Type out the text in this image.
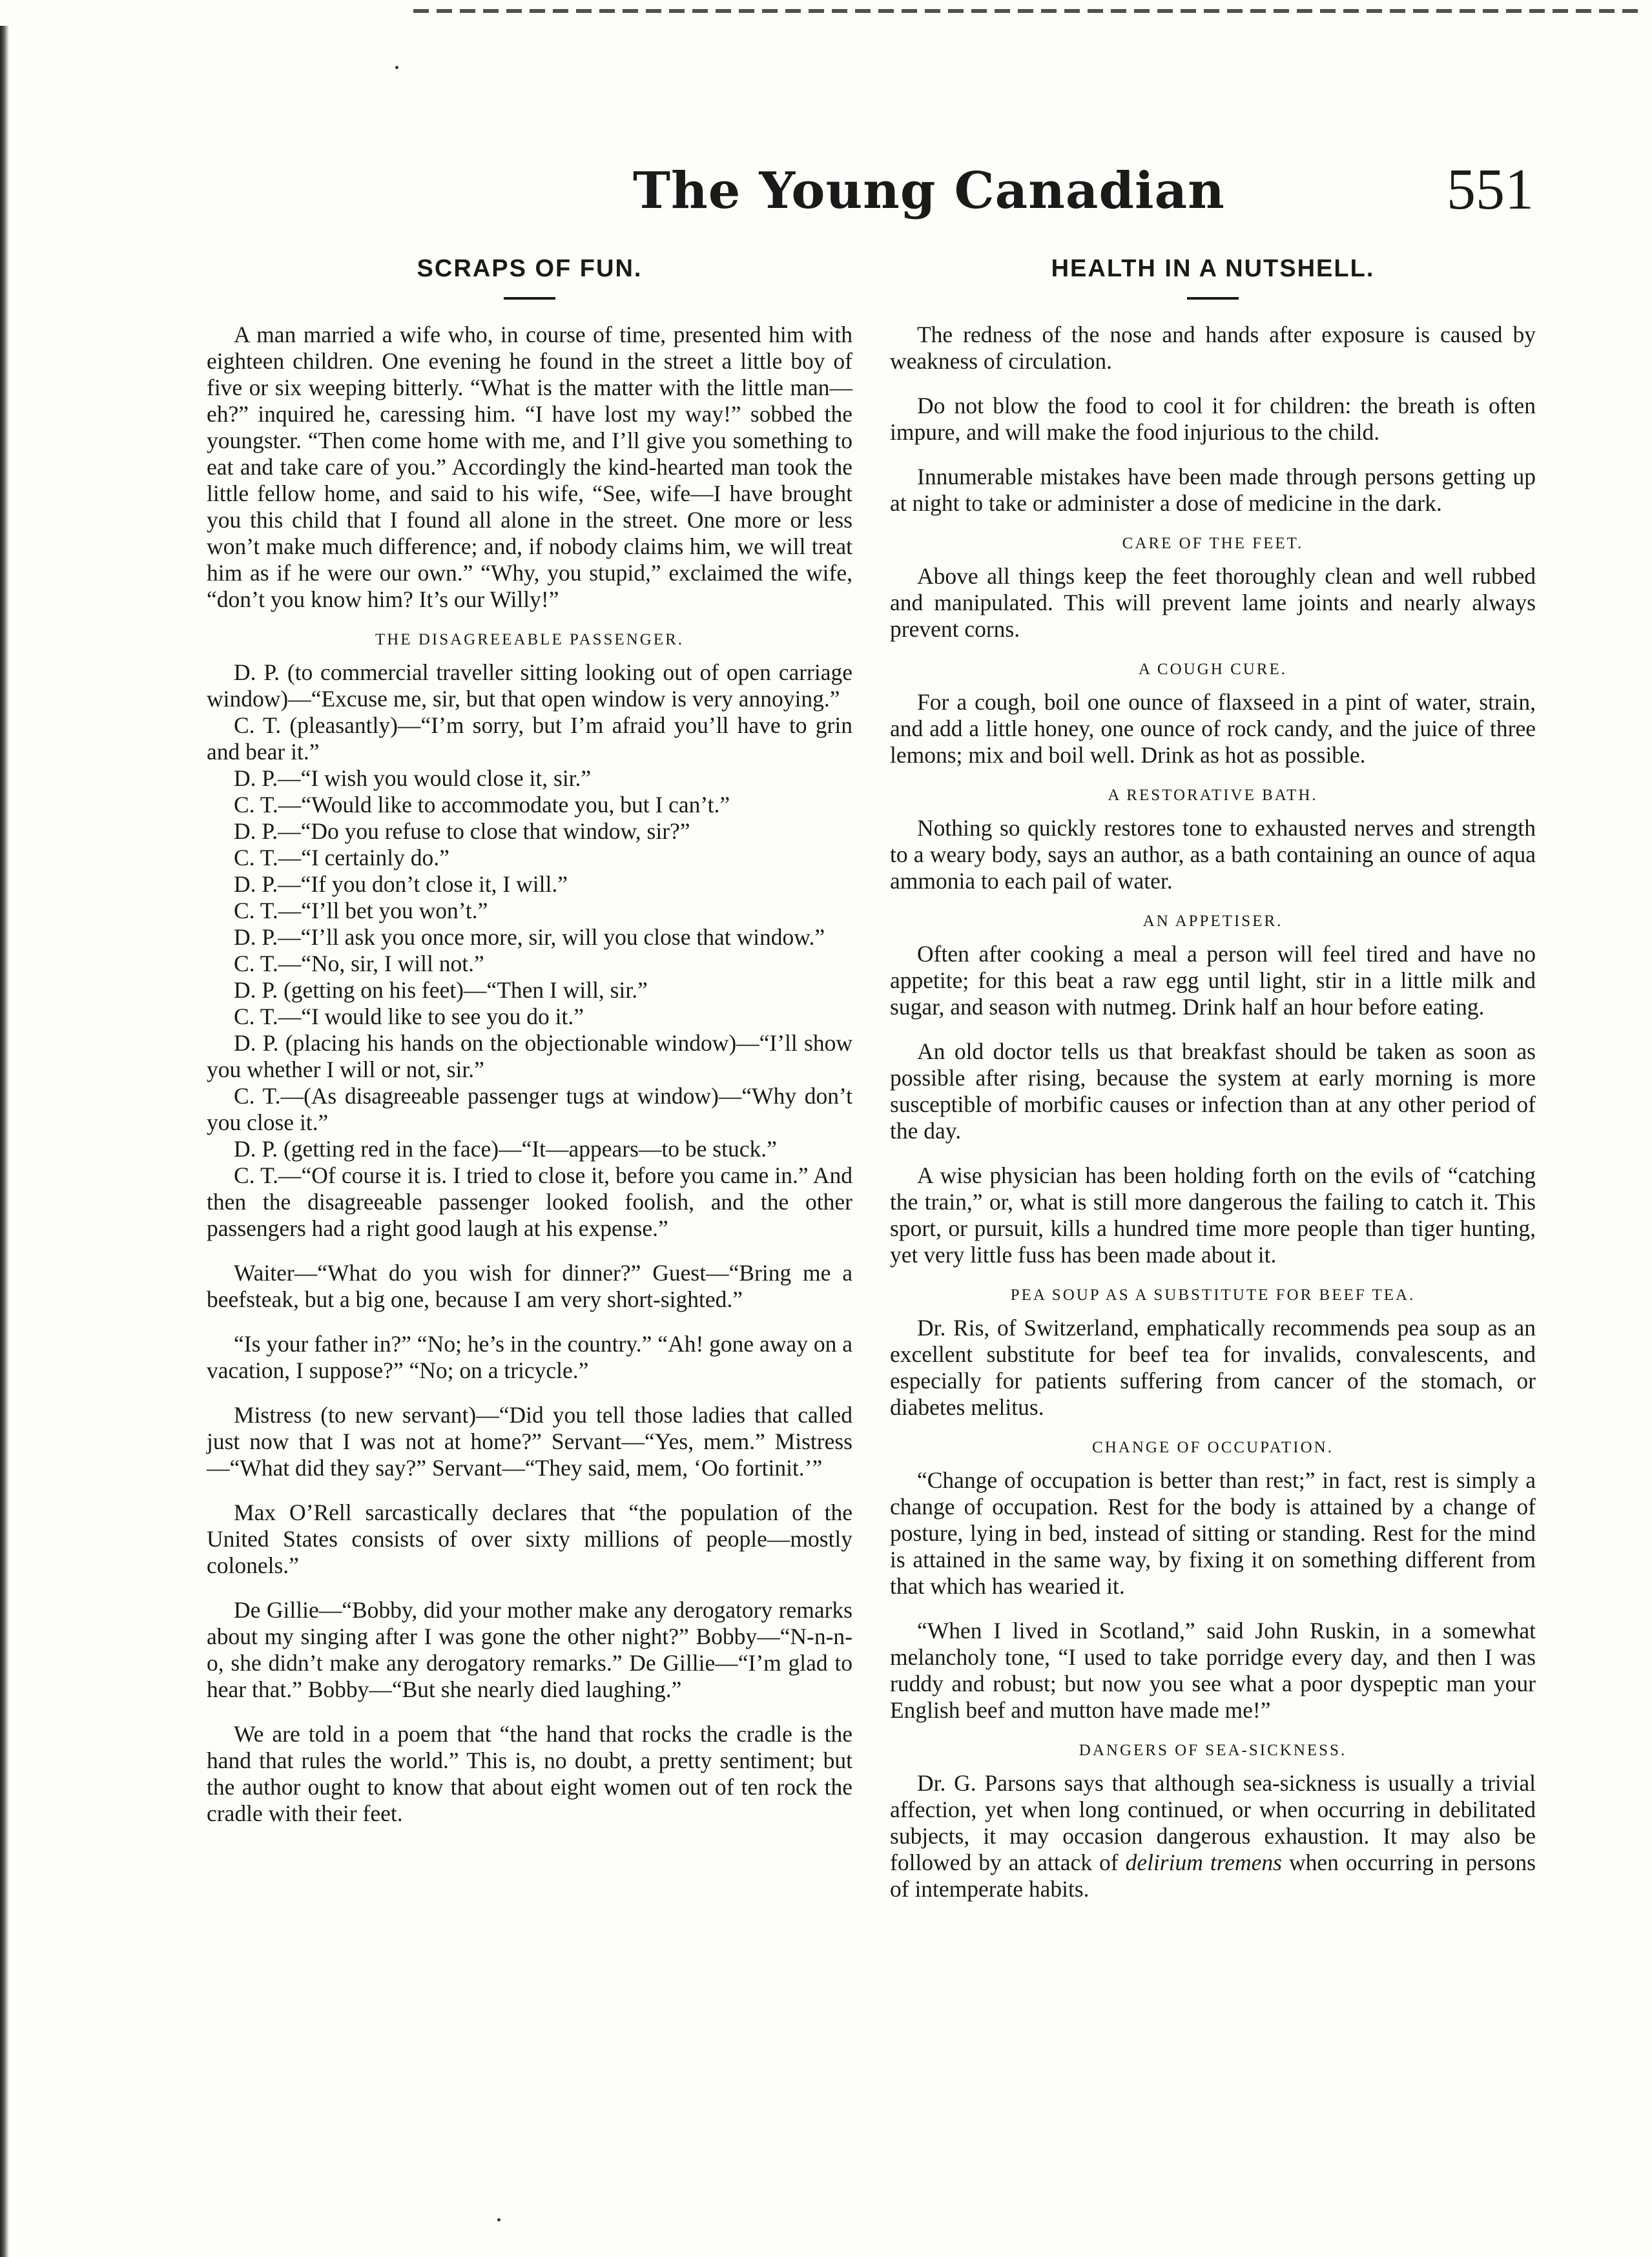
The Young Canadian	551
SCRAPS OF FUN.

A man married a wife who, in course of time, presented him with eighteen children. One evening he found in the street a little boy of five or six weeping bitterly. “What is the matter with the little man—eh?” inquired he, caressing him. “I have lost my way!” sobbed the youngster. “Then come home with me, and I’ll give you something to eat and take care of you.” Accordingly the kind-hearted man took the little fellow home, and said to his wife, “See, wife—I have brought you this child that I found all alone in the street. One more or less won’t make much difference; and, if nobody claims him, we will treat him as if he were our own.” “Why, you stupid,” exclaimed the wife, “don’t you know him? It’s our Willy!”

THE DISAGREEABLE PASSENGER.

D. P. (to commercial traveller sitting looking out of open carriage window)—“Excuse me, sir, but that open window is very annoying.”

C. T. (pleasantly)—“I’m sorry, but I’m afraid you’ll have to grin and bear it.”

D. P.—“I wish you would close it, sir.”

C. T.—“Would like to accommodate you, but I can’t.”

D. P.—“Do you refuse to close that window, sir?”

C. T.—“I certainly do.”

D. P.—“If you don’t close it, I will.”

C. T.—“I’ll bet you won’t.”

D. P.—“I’ll ask you once more, sir, will you close that window.”

C. T.—“No, sir, I will not.”

D. P. (getting on his feet)—“Then I will, sir.”

C. T.—“I would like to see you do it.”

D. P. (placing his hands on the objectionable window)—“I’ll show you whether I will or not, sir.”

C. T.—(As disagreeable passenger tugs at window)—“Why don’t you close it.”

D. P. (getting red in the face)—“It—appears—to be stuck.”

C. T.—“Of course it is. I tried to close it, before you came in.” And then the disagreeable passenger looked foolish, and the other passengers had a right good laugh at his expense.”

Waiter—“What do you wish for dinner?” Guest—“Bring me a beefsteak, but a big one, because I am very short-sighted.”

“Is your father in?” “No; he’s in the country.” “Ah! gone away on a vacation, I suppose?” “No; on a tricycle.”

Mistress (to new servant)—“Did you tell those ladies that called just now that I was not at home?” Servant—“Yes, mem.” Mistress—“What did they say?” Servant—“They said, mem, ‘Oo fortinit.’”

Max O’Rell sarcastically declares that “the population of the United States consists of over sixty millions of people—mostly colonels.”

De Gillie—“Bobby, did your mother make any derogatory remarks about my singing after I was gone the other night?” Bobby—“N-n-n-o, she didn’t make any derogatory remarks.” De Gillie—“I’m glad to hear that.” Bobby—“But she nearly died laughing.”

We are told in a poem that “the hand that rocks the cradle is the hand that rules the world.” This is, no doubt, a pretty sentiment; but the author ought to know that about eight women out of ten rock the cradle with their feet.

HEALTH IN A NUTSHELL.

The redness of the nose and hands after exposure is caused by weakness of circulation.

Do not blow the food to cool it for children: the breath is often impure, and will make the food injurious to the child.

Innumerable mistakes have been made through persons getting up at night to take or administer a dose of medicine in the dark.

CARE OF THE FEET.

Above all things keep the feet thoroughly clean and well rubbed and manipulated. This will prevent lame joints and nearly always prevent corns.

A COUGH CURE.

For a cough, boil one ounce of flaxseed in a pint of water, strain, and add a little honey, one ounce of rock candy, and the juice of three lemons; mix and boil well. Drink as hot as possible.

A RESTORATIVE BATH.

Nothing so quickly restores tone to exhausted nerves and strength to a weary body, says an author, as a bath containing an ounce of aqua ammonia to each pail of water.

AN APPETISER.

Often after cooking a meal a person will feel tired and have no appetite; for this beat a raw egg until light, stir in a little milk and sugar, and season with nutmeg. Drink half an hour before eating.

An old doctor tells us that breakfast should be taken as soon as possible after rising, because the system at early morning is more susceptible of morbific causes or infection than at any other period of the day.

A wise physician has been holding forth on the evils of “catching the train,” or, what is still more dangerous the failing to catch it. This sport, or pursuit, kills a hundred time more people than tiger hunting, yet very little fuss has been made about it.

PEA SOUP AS A SUBSTITUTE FOR BEEF TEA.

Dr. Ris, of Switzerland, emphatically recommends pea soup as an excellent substitute for beef tea for invalids, convalescents, and especially for patients suffering from cancer of the stomach, or diabetes melitus.

CHANGE OF OCCUPATION.

“Change of occupation is better than rest;” in fact, rest is simply a change of occupation. Rest for the body is attained by a change of posture, lying in bed, instead of sitting or standing. Rest for the mind is attained in the same way, by fixing it on something different from that which has wearied it.

“When I lived in Scotland,” said John Ruskin, in a somewhat melancholy tone, “I used to take porridge every day, and then I was ruddy and robust; but now you see what a poor dyspeptic man your English beef and mutton have made me!”

DANGERS OF SEA-SICKNESS.

Dr. G. Parsons says that although sea-sickness is usually a trivial affection, yet when long continued, or when occurring in debilitated subjects, it may occasion dangerous exhaustion. It may also be followed by an attack of delirium tremens when occurring in persons of intemperate habits.
